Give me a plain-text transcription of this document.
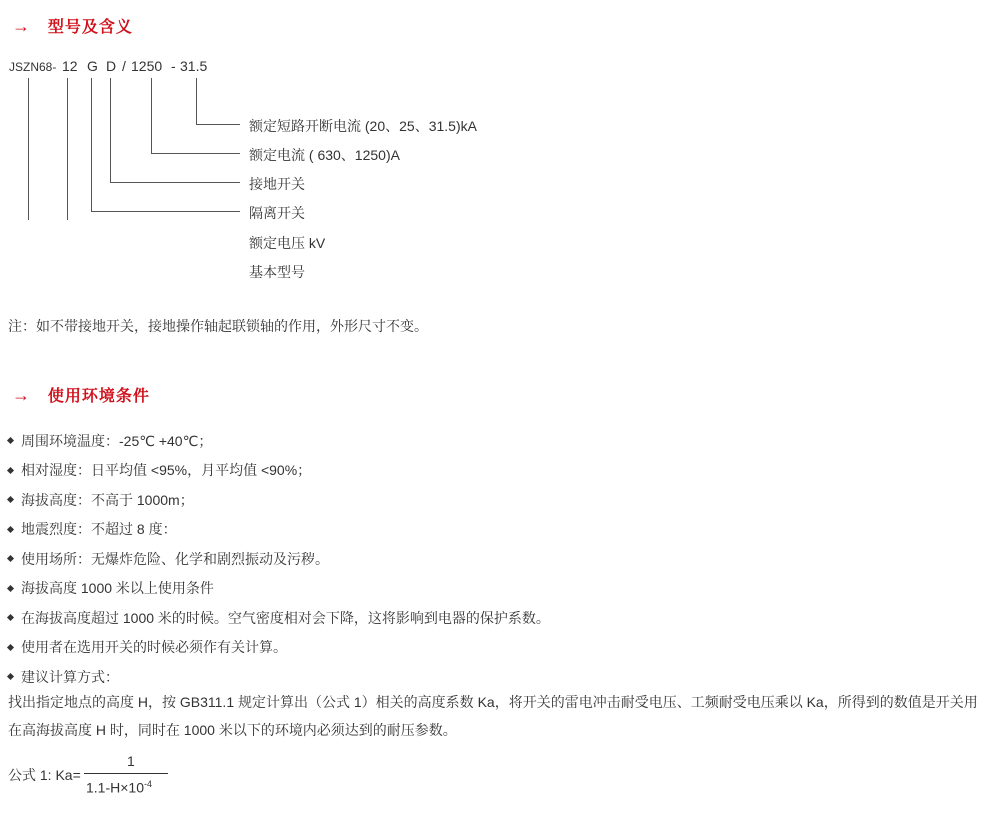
→ 型号及含义
JSZN68- 12 G D / 1250 - 31.5
额定短路开断电流 (20、25、31.5)kA
额定电流 ( 630、1250)A
接地开关
隔离开关
额定电压 kV
基本型号
注：如不带接地开关，接地操作轴起联锁轴的作用，外形尺寸不变。
→ 使用环境条件
周围环境温度：-25℃ +40℃；
相对湿度：日平均值 <95%，月平均值 <90%；
海拔高度：不高于 1000m；
地震烈度：不超过 8 度：
使用场所：无爆炸危险、化学和剧烈振动及污秽。
海拔高度 1000 米以上使用条件
在海拔高度超过 1000 米的时候。空气密度相对会下降，这将影响到电器的保护系数。
使用者在选用开关的时候必须作有关计算。
建议计算方式：
找出指定地点的高度 H，按 GB311.1 规定计算出（公式 1）相关的高度系数 Ka，将开关的雷电冲击耐受电压、工频耐受电压乘以 Ka，所得到的数值是开关用在高海拔高度 H 时，同时在 1000 米以下的环境内必须达到的耐压参数。
公式 1: Ka=
1
$1.1-H\times 10^{-4}$
